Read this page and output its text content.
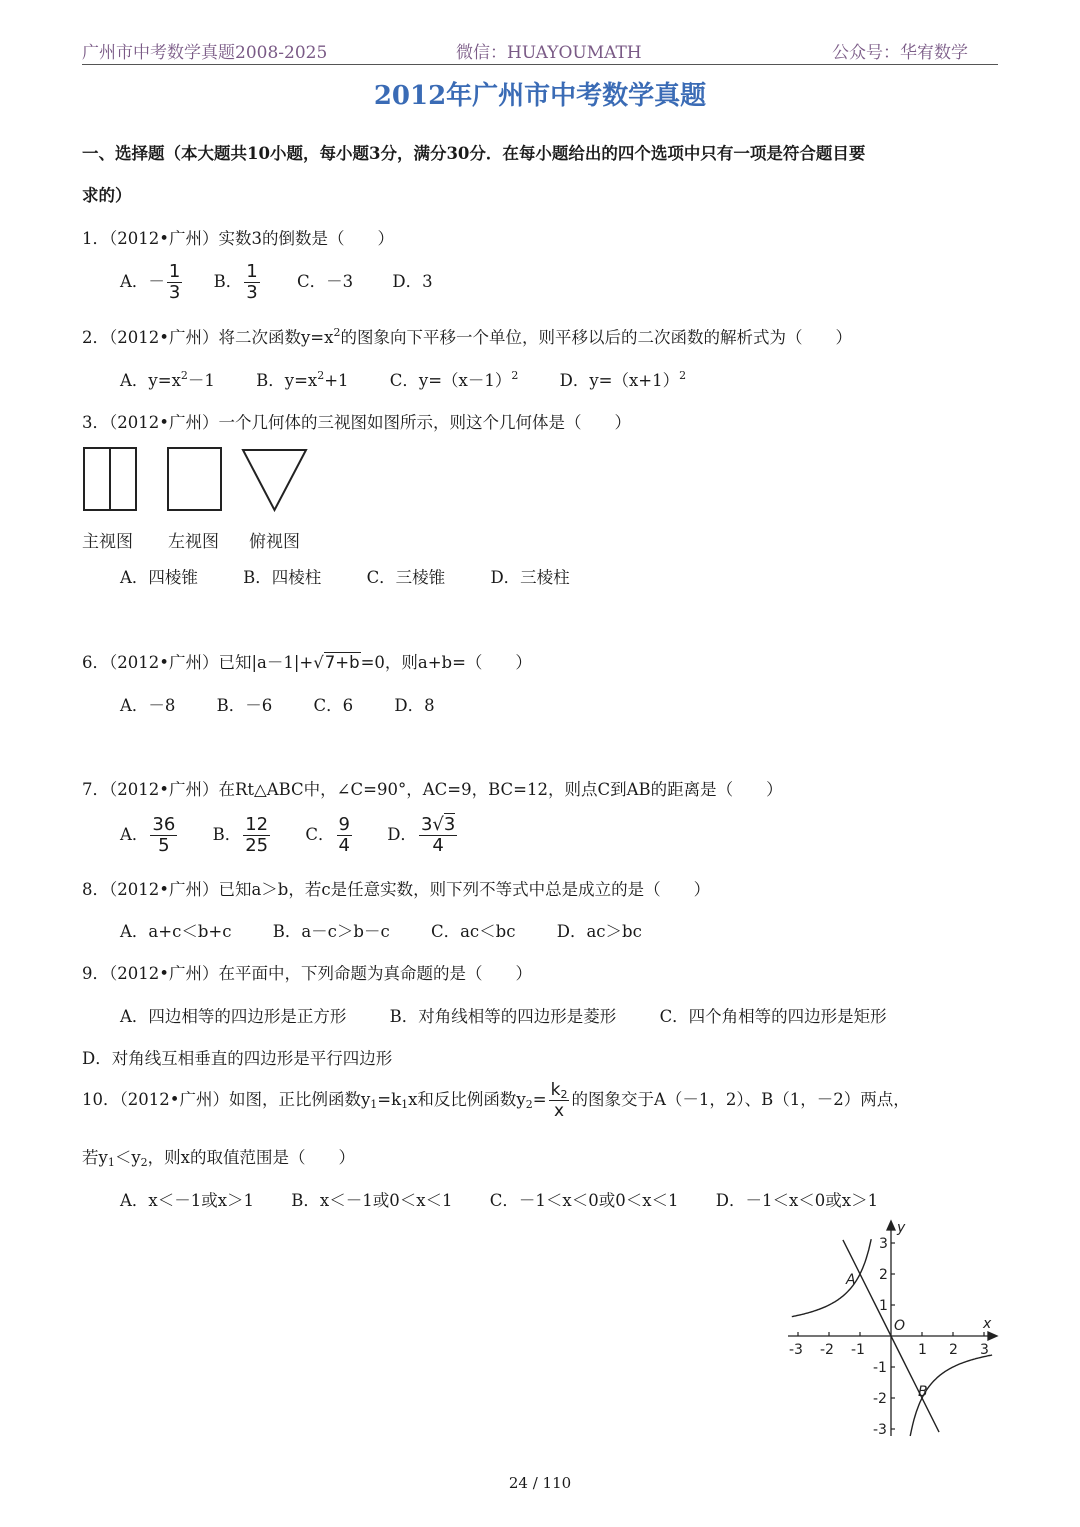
广州市中考数学真题2008-2025	微信：HUAYOUMATH	公众号：华宥数学
2012年广州市中考数学真题
一、选择题（本大题共10小题，每小题3分，满分30分．在每小题给出的四个选项中只有一项是符合题目要
求的）
1．（2012•广州）实数3的倒数是（　　）
A．－ $\frac{1}{3}$ B． $\frac{1}{3}$ C．－3 D．3
2．（2012•广州）将二次函数$y=x^2$的图象向下平移一个单位，则平移以后的二次函数的解析式为（　　）
A．$y=x^2-1$	B．$y=x^2+1$	C．$y=(x-1)^2$	D．$y=(x+1)^2$
3．（2012•广州）一个几何体的三视图如图所示，则这个几何体是（　　）
主视图 左视图 俯视图
A．四棱锥	B．四棱柱	C．三棱锥	D．三棱柱
6．（2012•广州）已知|a－1|+√7+b=0，则a+b=（　　）
A．－8	B．－6	C．6	D．8
7．（2012•广州）在Rt△ABC中，∠C=90°，AC=9，BC=12，则点C到AB的距离是（　　）
A． $\frac{36}{5}$ B． $\frac{12}{25}$ C． $\frac{9}{4}$ D． $\frac{3√3}{4}$
8．（2012•广州）已知a＞b，若c是任意实数，则下列不等式中总是成立的是（　　）
A．a+c＜b+c	B．a－c＞b－c	C．ac＜bc	D．ac＞bc
9．（2012•广州）在平面中，下列命题为真命题的是（　　）
A．四边相等的四边形是正方形	B．对角线相等的四边形是菱形	C．四个角相等的四边形是矩形
D．对角线互相垂直的四边形是平行四边形
10．（2012•广州）如图，正比例函数$y_1=k_1x$和反比例函数$y_2= \frac{k_2}{x}$ 的图象交于A（－1，2）、B（1，－2）两点，
若$y_1<y_2$，则x的取值范围是（　　）
A．x＜－1或x＞1 B．x＜－1或0＜x＜1 C．－1＜x＜0或0＜x＜1 D．－1＜x＜0或x＞1
-3 -2 -1	1 2 3
3
2
1
-1
-2
-3
x
y
O
A
B
24 / 110
